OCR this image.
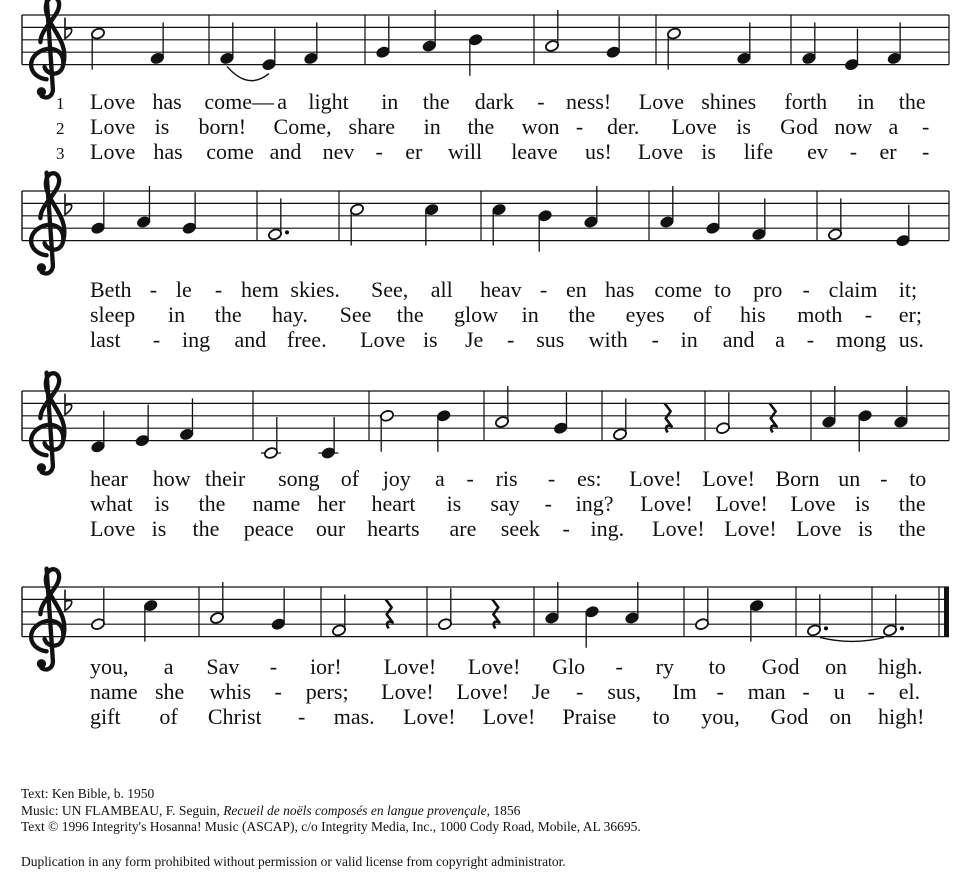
1 Love has come— a light in the dark - ness! Love shines forth in the
2 Love is born! Come, share in the won - der. Love is God now a -
3 Love has come and nev - er will leave us! Love is life ev - er -
Beth - le - hem skies. See, all heav - en has come to pro - claim it;
sleep in the hay. See the glow in the eyes of his moth - er;
last - ing and free. Love is Je - sus with - in and a - mong us.
hear how their song of joy a - ris - es: Love! Love! Born un - to
what is the name her heart is say - ing? Love! Love! Love is the
Love is the peace our hearts are seek - ing. Love! Love! Love is the
you, a Sav - ior! Love! Love! Glo - ry to God on high.
name she whis - pers; Love! Love! Je - sus, Im - man - u - el.
gift of Christ - mas. Love! Love! Praise to you, God on high!
Text: Ken Bible, b. 1950
Music: UN FLAMBEAU, F. Seguin, Recueil de noëls composés en langue provençale, 1856
Text © 1996 Integrity's Hosanna! Music (ASCAP), c/o Integrity Media, Inc., 1000 Cody Road, Mobile, AL 36695.
Duplication in any form prohibited without permission or valid license from copyright administrator.
